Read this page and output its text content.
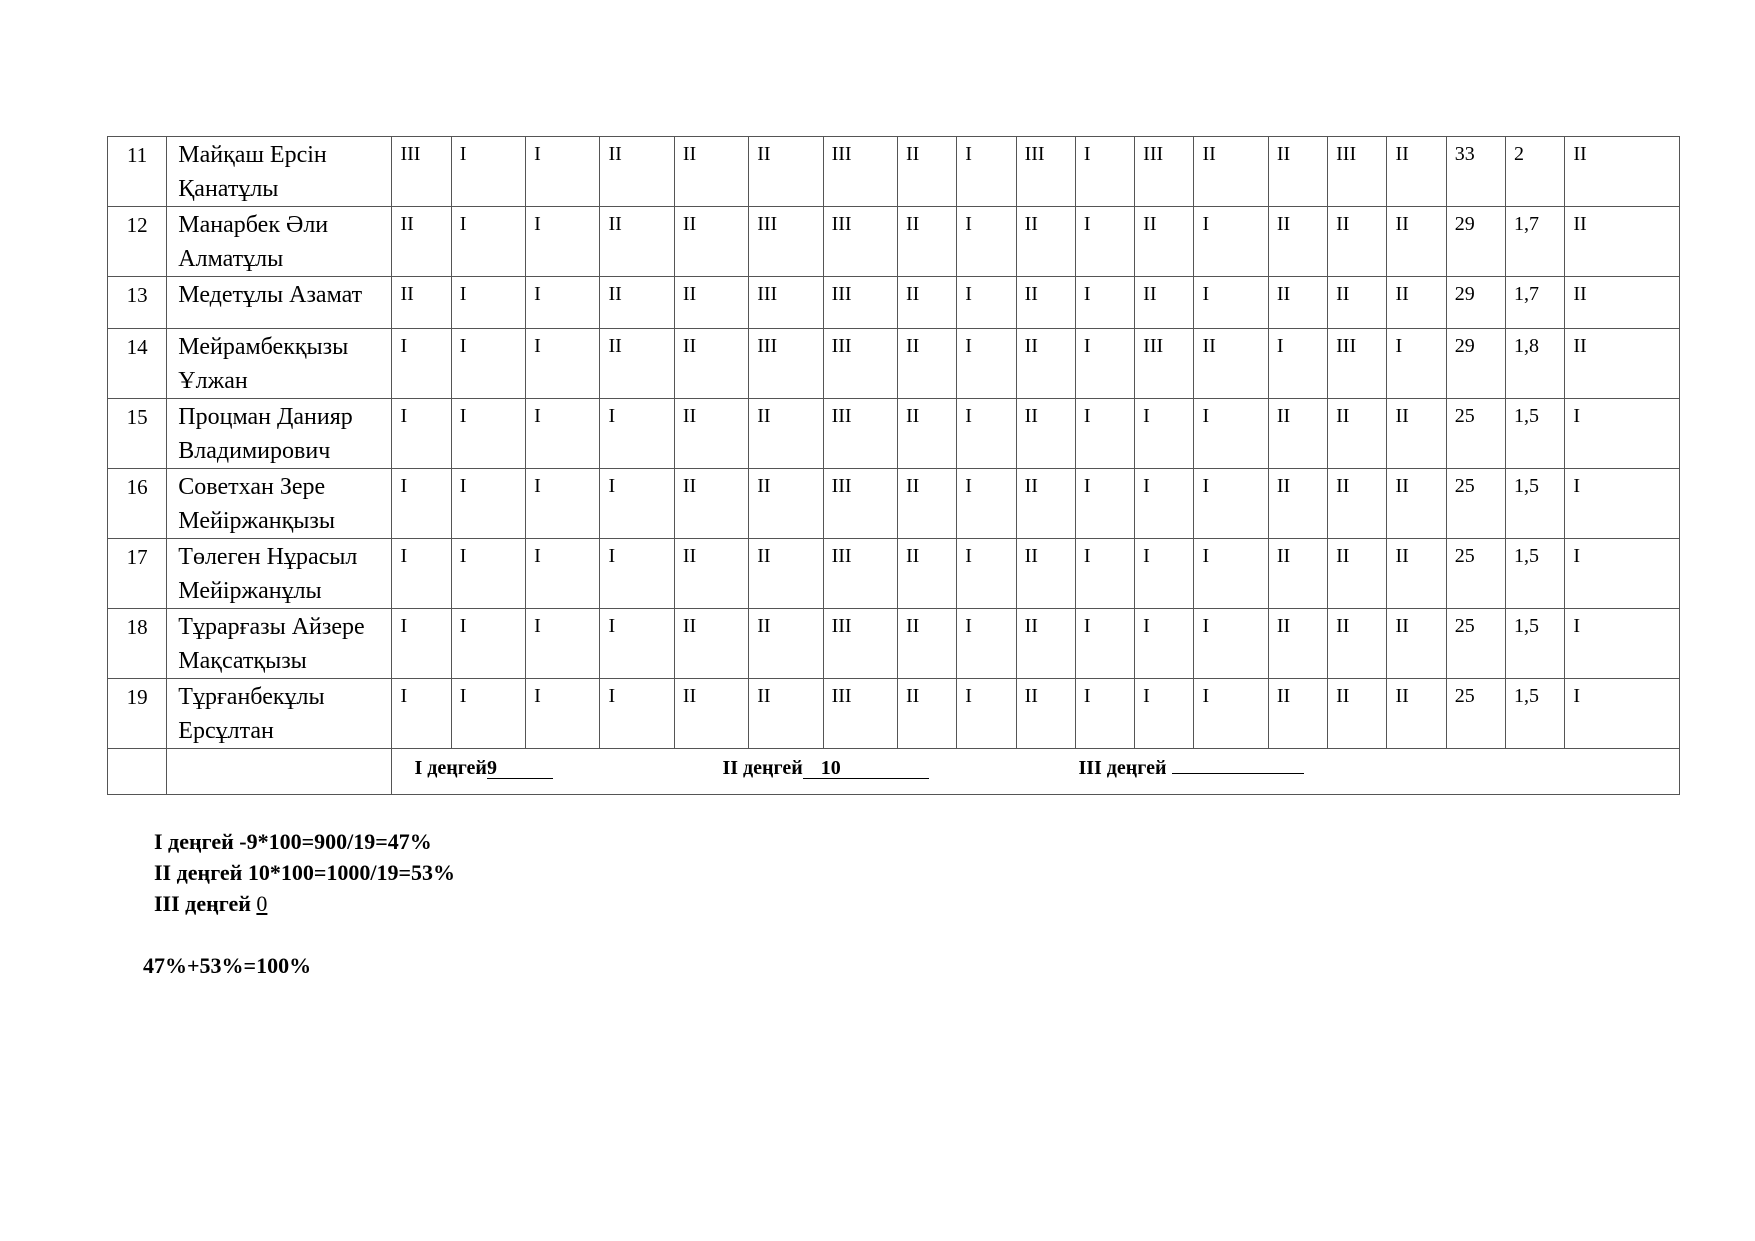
11	Майқаш Ерсін Қанатұлы	III	I	I	II	II	II	III	II	I	III	I	III	II	II	III	II	33	2	II
12	Манарбек Әли Алматұлы	II	I	I	II	II	III	III	II	I	II	I	II	I	II	II	II	29	1,7	II
13	Медетұлы Азамат	II	I	I	II	II	III	III	II	I	II	I	II	I	II	II	II	29	1,7	II
14	Мейрамбекқызы Ұлжан	I	I	I	II	II	III	III	II	I	II	I	III	II	I	III	I	29	1,8	II
15	Процман Данияр Владимирович	I	I	I	I	II	II	III	II	I	II	I	I	I	II	II	II	25	1,5	I
16	Советхан Зере Мейіржанқызы	I	I	I	I	II	II	III	II	I	II	I	I	I	II	II	II	25	1,5	I
17	Төлеген Нұрасыл Мейіржанұлы	I	I	I	I	II	II	III	II	I	II	I	I	I	II	II	II	25	1,5	I
18	Тұрарғазы Айзере Мақсатқызы	I	I	I	I	II	II	III	II	I	II	I	I	I	II	II	II	25	1,5	I
19	Тұрғанбекұлы Ерсұлтан	I	I	I	I	II	II	III	II	I	II	I	I	I	II	II	II	25	1,5	I

		I деңгей9 II деңгей 10 III деңгей																		
I деңгей -9*100=900/19=47%
II деңгей 10*100=1000/19=53%
III деңгей 0
47%+53%=100%
